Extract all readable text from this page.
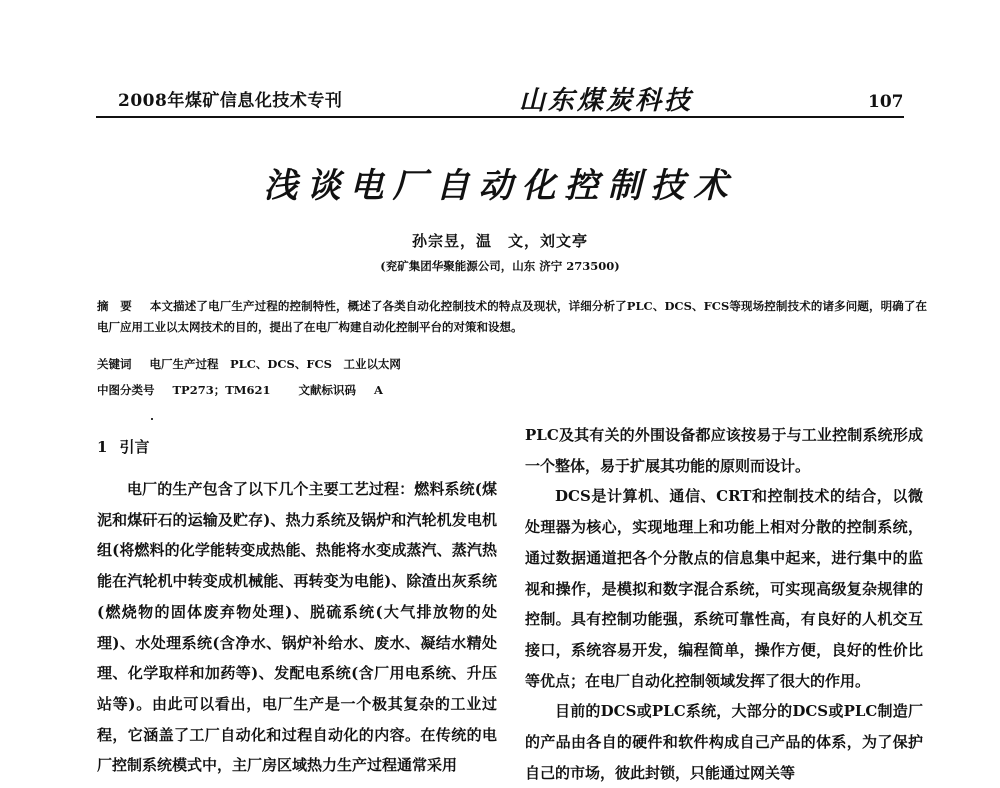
2008年煤矿信息化技术专刊	山东煤炭科技	107
浅谈电厂自动化控制技术
孙宗昱，温　文，刘文亭
(兖矿集团华聚能源公司，山东 济宁 273500)
摘　要 本文描述了电厂生产过程的控制特性，概述了各类自动化控制技术的特点及现状，详细分析了PLC、DCS、FCS等现场控制技术的诸多问题，明确了在电厂应用工业以太网技术的目的，提出了在电厂构建自动化控制平台的对策和设想。
关键词 电厂生产过程　PLC、DCS、FCS　工业以太网
中图分类号 TP273；TM621 文献标识码 A
1 引言

电厂的生产包含了以下几个主要工艺过程：燃料系统(煤泥和煤矸石的运输及贮存)、热力系统及锅炉和汽轮机发电机组(将燃料的化学能转变成热能、热能将水变成蒸汽、蒸汽热能在汽轮机中转变成机械能、再转变为电能)、除渣出灰系统(燃烧物的固体废弃物处理)、脱硫系统(大气排放物的处理)、水处理系统(含净水、锅炉补给水、废水、凝结水精处理、化学取样和加药等)、发配电系统(含厂用电系统、升压站等)。由此可以看出，电厂生产是一个极其复杂的工业过程，它涵盖了工厂自动化和过程自动化的内容。在传统的电厂控制系统模式中，主厂房区域热力生产过程通常采用

PLC及其有关的外围设备都应该按易于与工业控制系统形成一个整体，易于扩展其功能的原则而设计。

DCS是计算机、通信、CRT和控制技术的结合，以微处理器为核心，实现地理上和功能上相对分散的控制系统，通过数据通道把各个分散点的信息集中起来，进行集中的监视和操作，是模拟和数字混合系统，可实现高级复杂规律的控制。具有控制功能强，系统可靠性高，有良好的人机交互接口，系统容易开发，编程简单，操作方便，良好的性价比等优点；在电厂自动化控制领域发挥了很大的作用。

目前的DCS或PLC系统，大部分的DCS或PLC制造厂的产品由各自的硬件和软件构成自己产品的体系，为了保护自己的市场，彼此封锁，只能通过网关等
